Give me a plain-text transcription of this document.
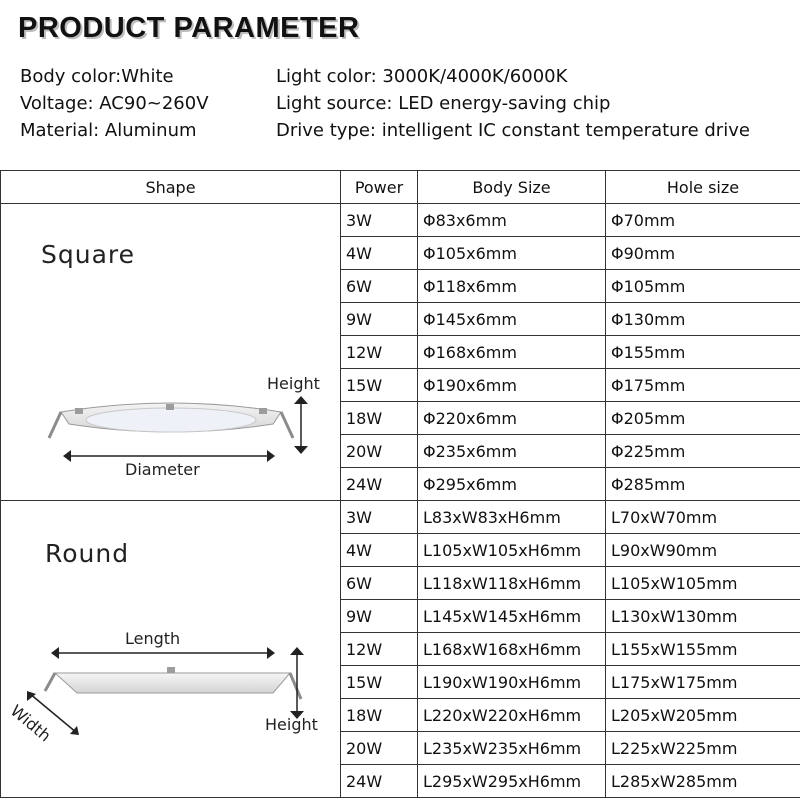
PRODUCT PARAMETER
Body color:White
Voltage: AC90~260V
Material: Aluminum
Light color: 3000K/4000K/6000K
Light source: LED energy-saving chip
Drive type: intelligent IC constant temperature drive
Shape	Power	Body Size	Hole size

Square
Height
Diameter	3W	Φ83x6mm	Φ70mm
	4W	Φ105x6mm	Φ90mm
	6W	Φ118x6mm	Φ105mm
	9W	Φ145x6mm	Φ130mm
	12W	Φ168x6mm	Φ155mm
	15W	Φ190x6mm	Φ175mm
	18W	Φ220x6mm	Φ205mm
	20W	Φ235x6mm	Φ225mm
	24W	Φ295x6mm	Φ285mm

Round
Length
Width Height	3W	L83xW83xH6mm	L70xW70mm
	4W	L105xW105xH6mm	L90xW90mm
	6W	L118xW118xH6mm	L105xW105mm
	9W	L145xW145xH6mm	L130xW130mm
	12W	L168xW168xH6mm	L155xW155mm
	15W	L190xW190xH6mm	L175xW175mm
	18W	L220xW220xH6mm	L205xW205mm
	20W	L235xW235xH6mm	L225xW225mm
	24W	L295xW295xH6mm	L285xW285mm
